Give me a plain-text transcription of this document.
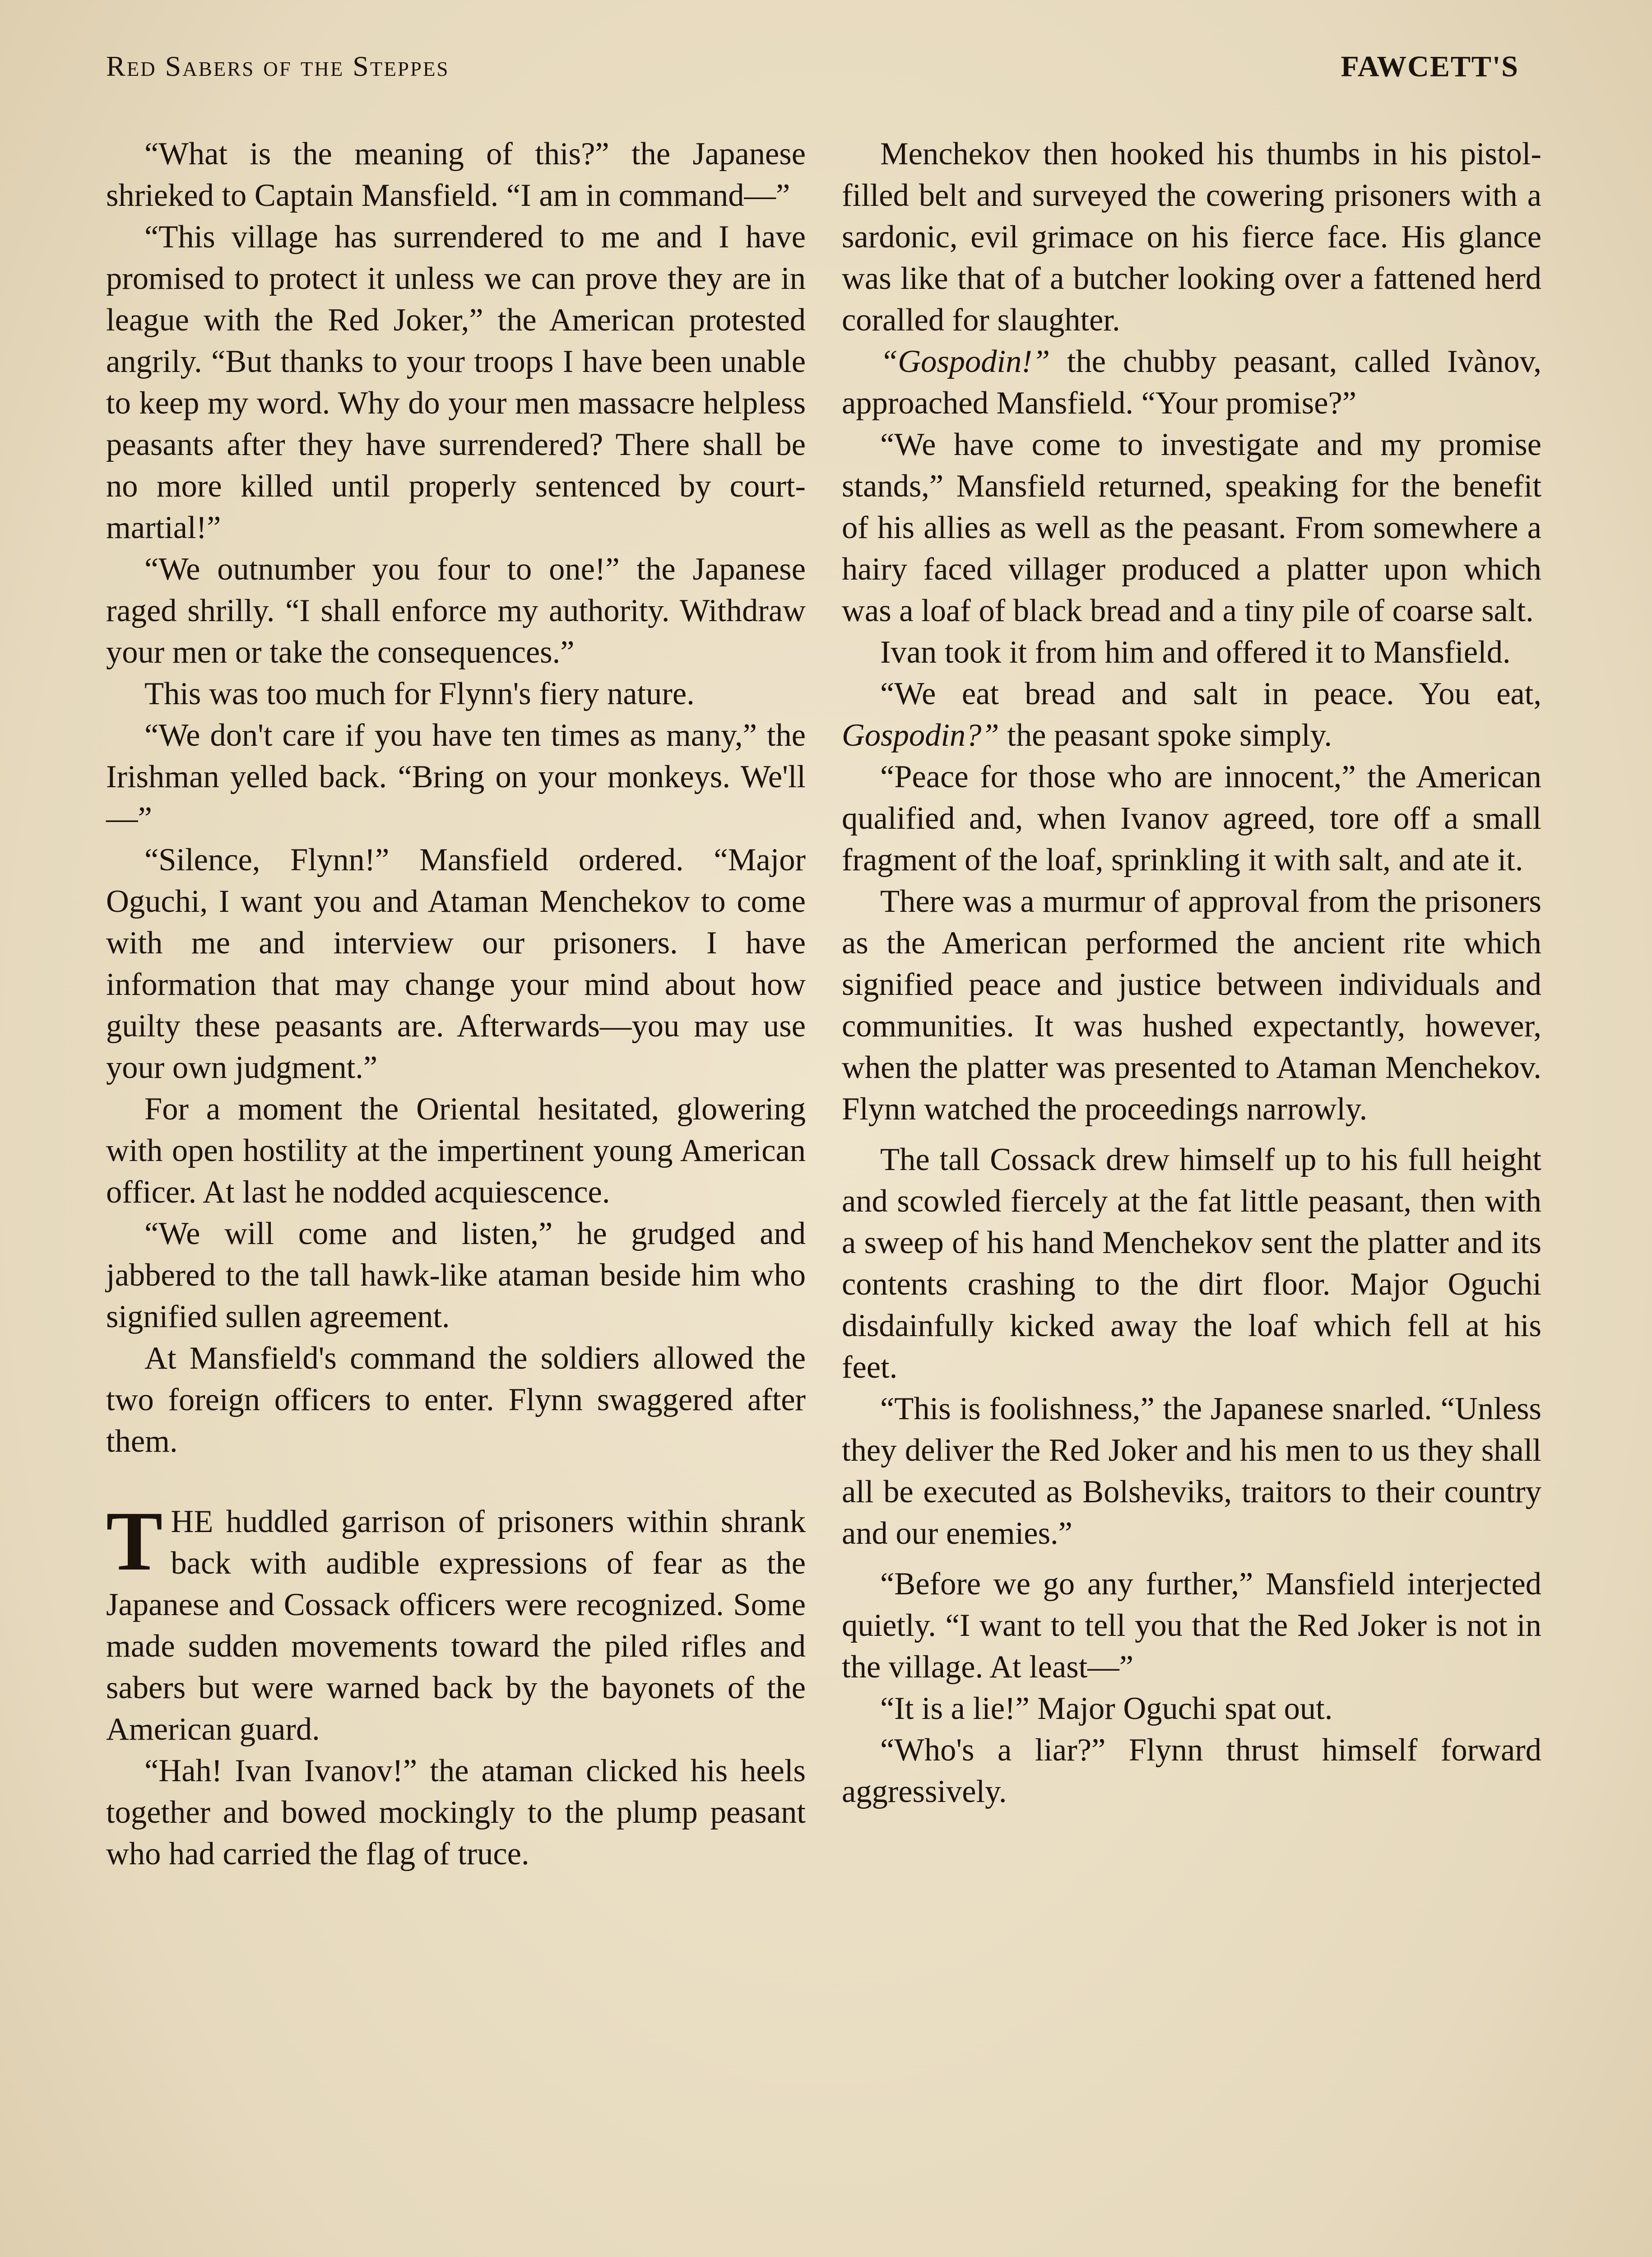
Red Sabers of the Steppes	FAWCETT'S

“What is the meaning of this?” the Japanese shrieked to Captain Mansfield. “I am in command—”

“This village has surrendered to me and I have promised to protect it unless we can prove they are in league with the Red Joker,” the American protested angrily. “But thanks to your troops I have been unable to keep my word. Why do your men massacre helpless peasants after they have surrendered? There shall be no more killed until properly sentenced by court-martial!”

“We outnumber you four to one!” the Japanese raged shrilly. “I shall enforce my authority. Withdraw your men or take the consequences.”

This was too much for Flynn's fiery nature.

“We don't care if you have ten times as many,” the Irishman yelled back. “Bring on your monkeys. We'll—”

“Silence, Flynn!” Mansfield ordered. “Major Oguchi, I want you and Ataman Menchekov to come with me and interview our prisoners. I have information that may change your mind about how guilty these peasants are. Afterwards—you may use your own judgment.”

For a moment the Oriental hesitated, glowering with open hostility at the impertinent young American officer. At last he nodded acquiescence.

“We will come and listen,” he grudged and jabbered to the tall hawk-like ataman beside him who signified sullen agreement.

At Mansfield's command the soldiers allowed the two foreign officers to enter. Flynn swaggered after them.

THE huddled garrison of prisoners within shrank back with audible expressions of fear as the Japanese and Cossack officers were recognized. Some made sudden movements toward the piled rifles and sabers but were warned back by the bayonets of the American guard.

“Hah! Ivan Ivanov!” the ataman clicked his heels together and bowed mockingly to the plump peasant who had carried the flag of truce.

Menchekov then hooked his thumbs in his pistol-filled belt and surveyed the cowering prisoners with a sardonic, evil grimace on his fierce face. His glance was like that of a butcher looking over a fattened herd coralled for slaughter.

“Gospodin!” the chubby peasant, called Ivànov, approached Mansfield. “Your promise?”

“We have come to investigate and my promise stands,” Mansfield returned, speaking for the benefit of his allies as well as the peasant. From somewhere a hairy faced villager produced a platter upon which was a loaf of black bread and a tiny pile of coarse salt.

Ivan took it from him and offered it to Mansfield.

“We eat bread and salt in peace. You eat, Gospodin?” the peasant spoke simply.

“Peace for those who are innocent,” the American qualified and, when Ivanov agreed, tore off a small fragment of the loaf, sprinkling it with salt, and ate it.

There was a murmur of approval from the prisoners as the American performed the ancient rite which signified peace and justice between individuals and communities. It was hushed expectantly, however, when the platter was presented to Ataman Menchekov. Flynn watched the proceedings narrowly.

The tall Cossack drew himself up to his full height and scowled fiercely at the fat little peasant, then with a sweep of his hand Menchekov sent the platter and its contents crashing to the dirt floor. Major Oguchi disdainfully kicked away the loaf which fell at his feet.

“This is foolishness,” the Japanese snarled. “Unless they deliver the Red Joker and his men to us they shall all be executed as Bolsheviks, traitors to their country and our enemies.”

“Before we go any further,” Mansfield interjected quietly. “I want to tell you that the Red Joker is not in the village. At least—”

“It is a lie!” Major Oguchi spat out.

“Who's a liar?” Flynn thrust himself forward aggressively.
